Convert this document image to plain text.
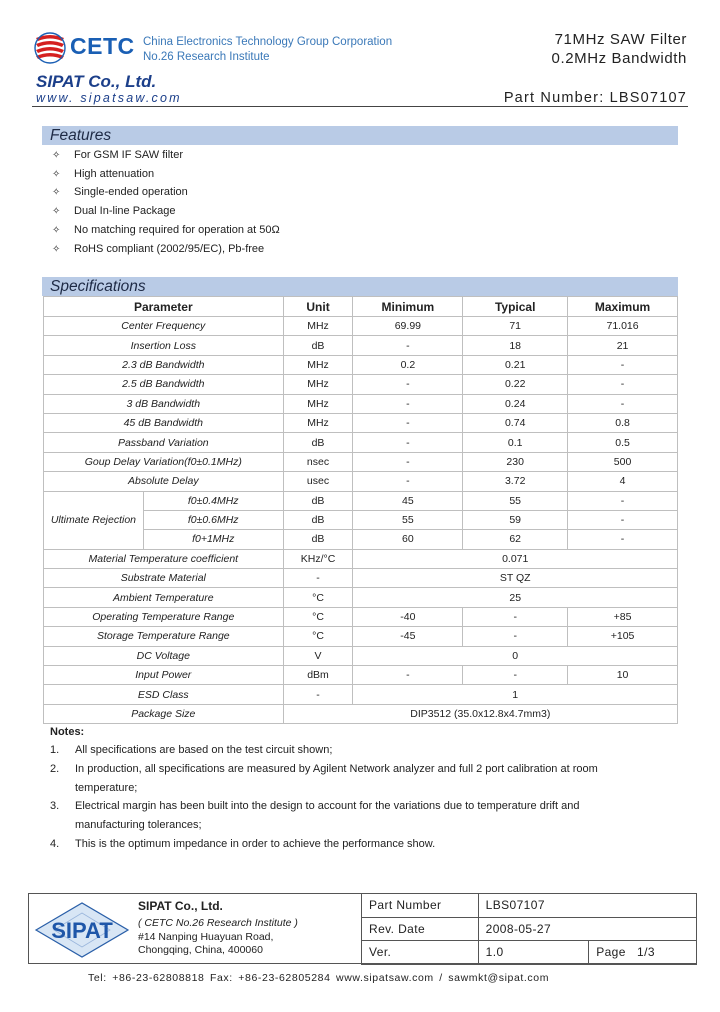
CETC China Electronics Technology Group Corporation
No.26 Research Institute
71MHz SAW Filter
0.2MHz Bandwidth
SIPAT Co., Ltd.
www. sipatsaw.com	Part Number: LBS07107
Features
✧ For GSM IF SAW filter
✧ High attenuation
✧ Single-ended operation
✧ Dual In-line Package
✧ No matching required for operation at 50Ω
✧ RoHS compliant (2002/95/EC), Pb-free
Specifications
Parameter		Unit	Minimum	Typical	Maximum
Center Frequency		MHz	69.99	71	71.016
Insertion Loss		dB	-	18	21
2.3 dB Bandwidth		MHz	0.2	0.21	-
2.5 dB Bandwidth		MHz	-	0.22	-
3 dB Bandwidth		MHz	-	0.24	-
45 dB Bandwidth		MHz	-	0.74	0.8
Passband Variation		dB	-	0.1	0.5
Goup Delay Variation(f0±0.1MHz)		nsec	-	230	500
Absolute Delay		usec	-	3.72	4
Ultimate Rejection	f0±0.4MHz	dB	45	55	-
	f0±0.6MHz	dB	55	59	-
	f0+1MHz	dB	60	62	-
Material Temperature coefficient		KHz/°C	0.071		
Substrate Material		-	ST QZ		
Ambient Temperature		°C	25		
Operating Temperature Range		°C	-40	-	+85
Storage Temperature Range		°C	-45	-	+105
DC Voltage		V	0		
Input Power		dBm	-	-	10
ESD Class		-	1		
Package Size		DIP3512 (35.0x12.8x4.7mm3)			
Notes:
1. All specifications are based on the test circuit shown;
2. In production, all specifications are measured by Agilent Network analyzer and full 2 port calibration at room
temperature;
3. Electrical margin has been built into the design to account for the variations due to temperature drift and
manufacturing tolerances;
4. This is the optimum impedance in order to achieve the performance show.
SIPAT
SIPAT Co., Ltd.
( CETC No.26 Research Institute )
#14 Nanping Huayuan Road,
Chongqing, China, 400060
Part Number	LBS07107	
Rev. Date	2008-05-27	
Ver.	1.0	Page 1/3
Tel: +86-23-62808818 Fax: +86-23-62805284 www.sipatsaw.com / sawmkt@sipat.com
